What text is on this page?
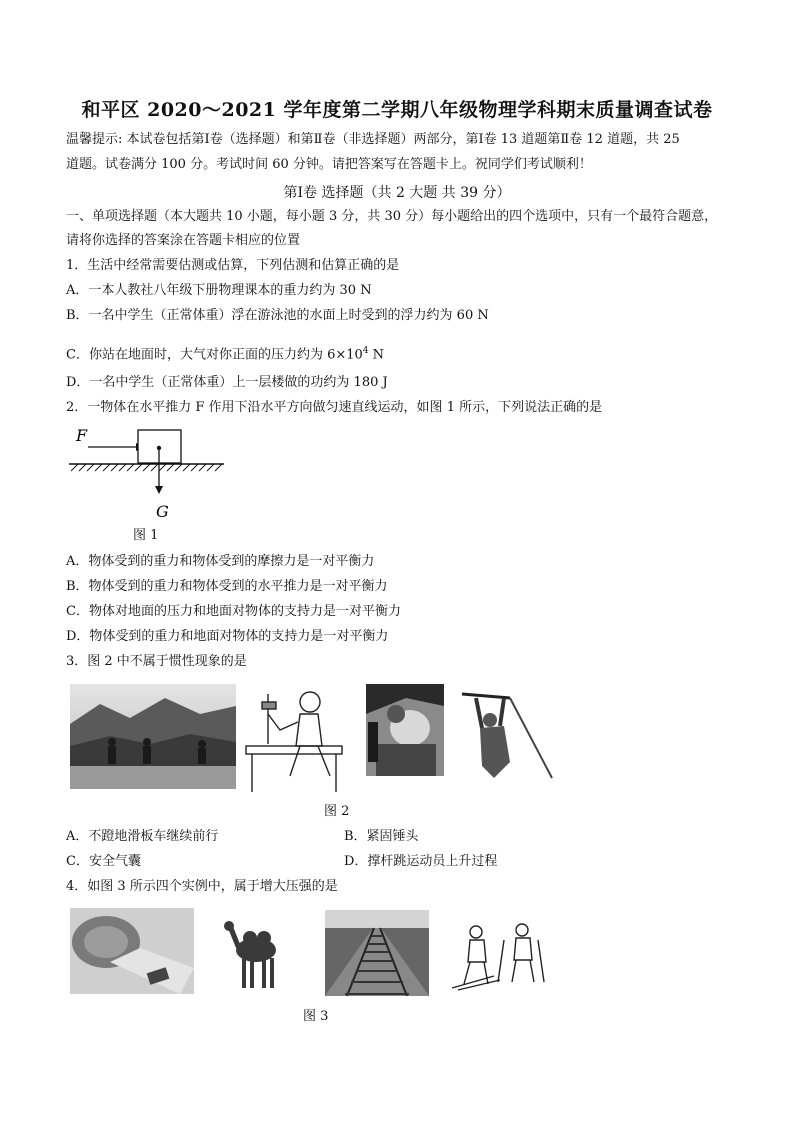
和平区 2020～2021 学年度第二学期八年级物理学科期末质量调查试卷
温馨提示: 本试卷包括第Ⅰ卷（选择题）和第Ⅱ卷（非选择题）两部分，第Ⅰ卷 13 道题第Ⅱ卷 12 道题，共 25
道题。试卷满分 100 分。考试时间 60 分钟。请把答案写在答题卡上。祝同学们考试顺利！
第Ⅰ卷 选择题（共 2 大题 共 39 分）
一、单项选择题（本大题共 10 小题，每小题 3 分，共 30 分）每小题给出的四个选项中，只有一个最符合题意，
请将你选择的答案涂在答题卡相应的位置
1．生活中经常需要估测或估算，下列估测和估算正确的是
A．一本人教社八年级下册物理课本的重力约为 30 N
B．一名中学生（正常体重）浮在游泳池的水面上时受到的浮力约为 60 N
C．你站在地面时，大气对你正面的压力约为 $6\times 10^4$ N
D．一名中学生（正常体重）上一层楼做的功约为 180 J
2．一物体在水平推力 F 作用下沿水平方向做匀速直线运动，如图 1 所示，下列说法正确的是
F
G
图 1
A．物体受到的重力和物体受到的摩擦力是一对平衡力
B．物体受到的重力和物体受到的水平推力是一对平衡力
C．物体对地面的压力和地面对物体的支持力是一对平衡力
D．物体受到的重力和地面对物体的支持力是一对平衡力
3．图 2 中不属于惯性现象的是
图 2
A．不蹬地滑板车继续前行	B．紧固锤头
C．安全气囊	D．撑杆跳运动员上升过程
4．如图 3 所示四个实例中，属于增大压强的是
图 3
